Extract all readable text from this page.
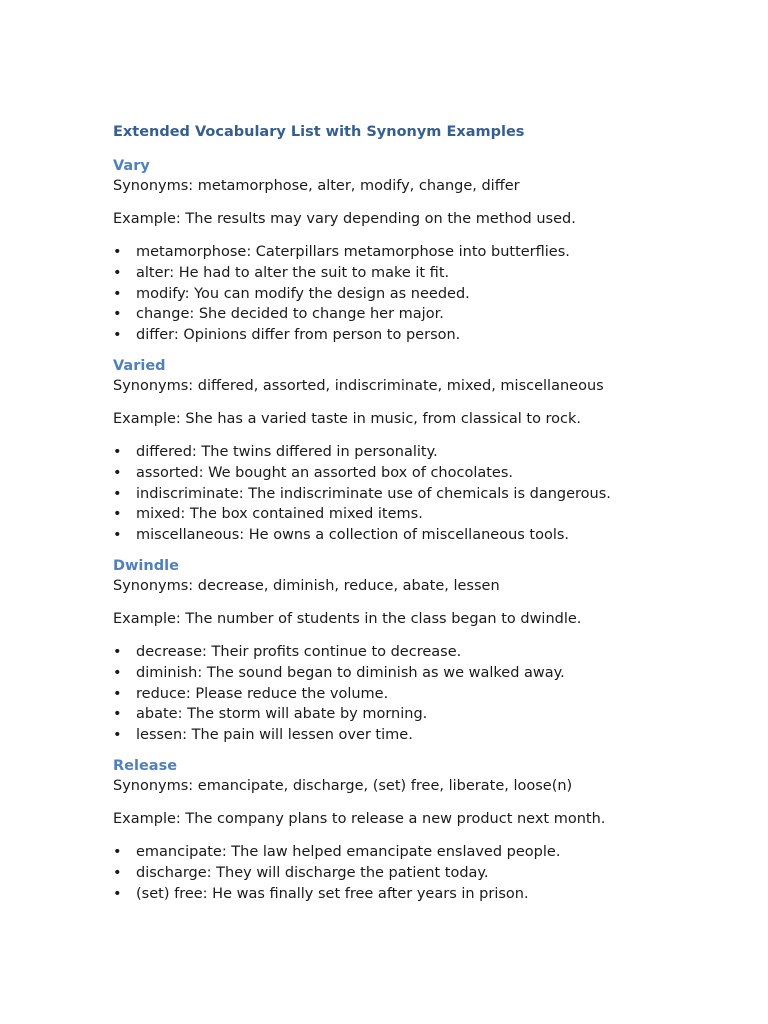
Extended Vocabulary List with Synonym Examples
Vary

Synonyms: metamorphose, alter, modify, change, differ

Example: The results may vary depending on the method used.

• metamorphose: Caterpillars metamorphose into butterflies.
• alter: He had to alter the suit to make it fit.
• modify: You can modify the design as needed.
• change: She decided to change her major.
• differ: Opinions differ from person to person.
Varied

Synonyms: differed, assorted, indiscriminate, mixed, miscellaneous

Example: She has a varied taste in music, from classical to rock.

• differed: The twins differed in personality.
• assorted: We bought an assorted box of chocolates.
• indiscriminate: The indiscriminate use of chemicals is dangerous.
• mixed: The box contained mixed items.
• miscellaneous: He owns a collection of miscellaneous tools.
Dwindle

Synonyms: decrease, diminish, reduce, abate, lessen

Example: The number of students in the class began to dwindle.

• decrease: Their profits continue to decrease.
• diminish: The sound began to diminish as we walked away.
• reduce: Please reduce the volume.
• abate: The storm will abate by morning.
• lessen: The pain will lessen over time.
Release

Synonyms: emancipate, discharge, (set) free, liberate, loose(n)

Example: The company plans to release a new product next month.

• emancipate: The law helped emancipate enslaved people.
• discharge: They will discharge the patient today.
• (set) free: He was finally set free after years in prison.
